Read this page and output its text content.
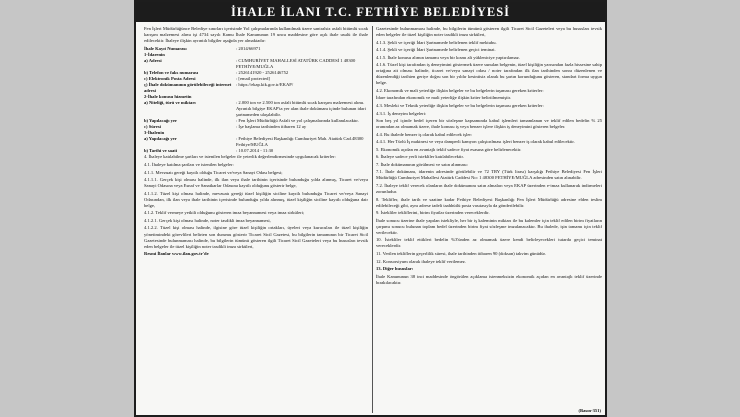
İHALE İLANI T.C. FETHİYE BELEDİYESİ

Fen İşleri Müdürlüğünce Belediye sınırları içerisinde Yol çalışmalarında kullanılmak üzere santralsiz asfalt bitümlü sıcak karışım malzemesi alımı işi 4734 sayılı Kamu İhale Kanununun 19 uncu maddesine göre açık ihale usulü ile ihale edilecektir. İhaleye ilişkin ayrıntılı bilgiler aşağıda yer almaktadır:

İhale Kayıt Numarası	: 2014/66971
1-İdarenin
a) Adresi	: CUMHURİYET MAHALLESİ ATATÜRK CADDESİ 1 48300 FETHİYE/MUĞLA
b) Telefon ve faks numarası	: 2526141920 - 2526146752
c) Elektronik Posta Adresi	: [email protected]
ç) İhale dokümanının görülebileceği internet adresi
: https://ekap.kik.gov.tr/EKAP/
2-İhale konusu hizmetin
a) Niteliği, türü ve miktarı	: 2.000 ton ve 2.500 ton asfalt bitümlü sıcak karışım malzemesi alımı. Ayrıntılı bilgiye EKAP'ta yer alan ihale dokümanı içinde bulunan idari şartnameden ulaşılabilir.
b) Yapılacağı yer	: Fen İşleri Müdürlüğü Asfalt ve yol çalışmalarında kullanılacaktır.
c) Süresi	: İşe başlama tarihinden itibaren 12 ay
3-İhalenin
a) Yapılacağı yer	: Fethiye Belediyesi Başkanlığı Cumhuriyet Mah. Atatürk Cad.48300 Fethiye/MUĞLA
b) Tarihi ve saati	: 10.07.2014 - 11:30

4. İhaleye katılabilme şartları ve istenilen belgeler ile yeterlik değerlendirmesinde uygulanacak kriterler:

4.1. İhaleye katılma şartları ve istenilen belgeler:

4.1.1. Mevzuatı gereği kayıtlı olduğu Ticaret ve/veya Sanayi Odası belgesi;

4.1.1.1. Gerçek kişi olması halinde, ilk ilan veya ihale tarihinin içerisinde bulunduğu yılda alınmış, Ticaret ve/veya Sanayi Odasına veya Esnaf ve Sanatkarlar Odasına kayıtlı olduğunu gösterir belge,

4.1.1.2. Tüzel kişi olması halinde, mevzuatı gereği tüzel kişiliğin siciline kayıtlı bulunduğu Ticaret ve/veya Sanayi Odasından, ilk ilan veya ihale tarihinin içerisinde bulunduğu yılda alınmış, tüzel kişiliğin siciline kayıtlı olduğuna dair belge,

4.1.2. Teklif vermeye yetkili olduğunu gösteren imza beyannamesi veya imza sirküleri;

4.1.2.1. Gerçek kişi olması halinde, noter tasdikli imza beyannamesi,

4.1.2.2. Tüzel kişi olması halinde, ilgisine göre tüzel kişiliğin ortakları, üyeleri veya kurucuları ile tüzel kişiliğin yönetimindeki görevlileri belirten son durumu gösterir Ticaret Sicil Gazetesi, bu bilgilerin tamamının bir Ticaret Sicil Gazetesinde bulunmaması halinde, bu bilgilerin tümünü gösteren ilgili Ticaret Sicil Gazeteleri veya bu hususları tevsik eden belgeler ile tüzel kişiliğin noter tasdikli imza sirküleri,

Resmi İlanlar www.ilan.gov.tr'de

Gazetesinde bulunmaması halinde, bu bilgilerin tümünü gösteren ilgili Ticaret Sicil Gazeteleri veya bu hususları tevsik eden belgeler ile tüzel kişiliğin noter tasdikli imza sirküleri,

4.1.3. Şekli ve içeriği İdari Şartnamede belirlenen teklif mektubu.

4.1.4. Şekli ve içeriği İdari Şartnamede belirlenen geçici teminat.

4.1.5. İhale konusu alımın tamamı veya bir kısmı alt yükleniciye yaptırılamaz.

4.1.6. Tüzel kişi tarafından iş deneyimini göstermek üzere sunulan belgenin, tüzel kişiliğin yarısından fazla hissesine sahip ortağına ait olması halinde, ticaret ve/veya sanayi odası / noter tarafından ilk ilan tarihinden sonra düzenlenen ve düzenlendiği tarihten geriye doğru son bir yıldır kesintisiz olarak bu şartın korunduğunu gösteren, standart forma uygun belge.

4.2. Ekonomik ve mali yeterliğe ilişkin belgeler ve bu belgelerin taşıması gereken kriterler:

İdare tarafından ekonomik ve mali yeterliğe ilişkin kriter belirtilmemiştir.

4.3. Mesleki ve Teknik yeterliğe ilişkin belgeler ve bu belgelerin taşıması gereken kriterler:

4.3.1. İş deneyim belgeleri:

Son beş yıl içinde bedel içeren bir sözleşme kapsamında kabul işlemleri tamamlanan ve teklif edilen bedelin % 25 oranından az olmamak üzere, ihale konusu iş veya benzer işlere ilişkin iş deneyimini gösteren belgeler.

4.4. Bu ihalede benzer iş olarak kabul edilecek işler:

4.4.1. Her Türlü İş makinesi ve veya damperli kamyon çalıştırılması işleri benzer iş olarak kabul edilecektir.

5. Ekonomik açıdan en avantajlı teklif sadece fiyat esasına göre belirlenecektir.

6. İhaleye sadece yerli istekliler katılabilecektir.

7. İhale dokümanının görülmesi ve satın alınması:

7.1. İhale dokümanı, idarenin adresinde görülebilir ve 72 TRY (Türk lirası) karşılığı Fethiye Belediyesi Fen İşleri Müdürlüğü Cumhuriyet Mahallesi Atatürk Caddesi No: 1 48300 FETHİYE/MUĞLA adresinden satın alınabilir.

7.2. İhaleye teklif verecek olanların ihale dokümanını satın almaları veya EKAP üzerinden e-imza kullanarak indirmeleri zorunludur.

8. Teklifler, ihale tarih ve saatine kadar Fethiye Belediyesi Başkanlığı Fen İşleri Müdürlüğü adresine elden teslim edilebileceği gibi, aynı adrese iadeli taahhütlü posta vasıtasıyla da gönderilebilir.

9. İstekliler tekliflerini, birim fiyatlar üzerinden vereceklerdir.

İhale sonucu üzerine ihale yapılan istekliyle, her bir iş kaleminin miktarı ile bu kalemler için teklif edilen birim fiyatların çarpımı sonucu bulunan toplam bedel üzerinden birim fiyat sözleşme imzalanacaktır. Bu ihalede, işin tamamı için teklif verilecektir.

10. İstekliler teklif ettikleri bedelin %3'ünden az olmamak üzere kendi belirleyecekleri tutarda geçici teminat vereceklerdir.

11. Verilen tekliflerin geçerlilik süresi, ihale tarihinden itibaren 90 (doksan) takvim günüdür.

12. Konsorsiyum olarak ihaleye teklif verilemez.

13. Diğer hususlar:

İhale Kanununun 38 inci maddesinde öngörülen açıklama istenmeksizin ekonomik açıdan en avantajlı teklif üzerinde bırakılacaktır.

(Basın-351)
